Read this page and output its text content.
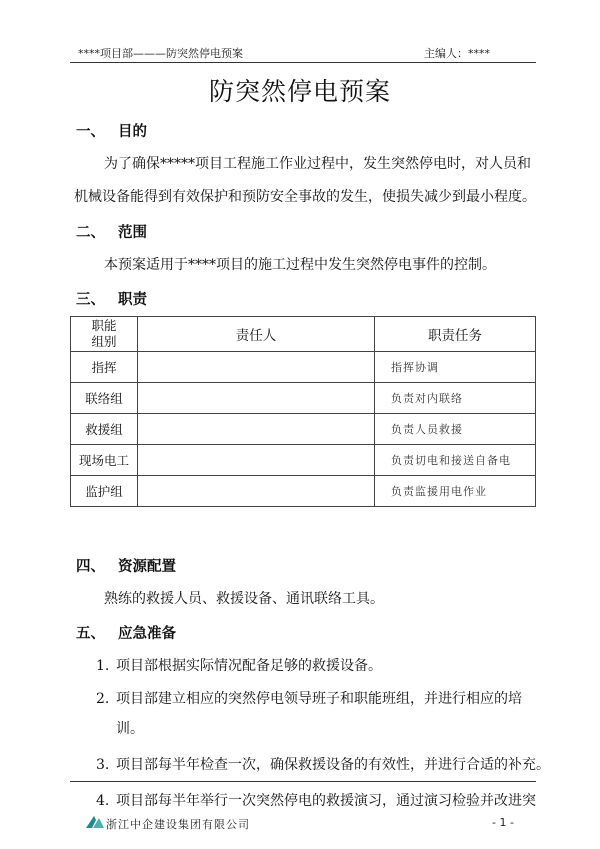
****项目部———防突然停电预案	主编人：****
防突然停电预案
一、 目的
为了确保*****项目工程施工作业过程中，发生突然停电时，对人员和
机械设备能得到有效保护和预防安全事故的发生，使损失减少到最小程度。
二、 范围
本预案适用于****项目的施工过程中发生突然停电事件的控制。
三、 职责
职能
组别	责任人	职责任务
指挥		指挥协调
联络组		负责对内联络
救援组		负责人员救援
现场电工		负责切电和接送自备电
监护组		负责监援用电作业
四、 资源配置
熟练的救援人员、救援设备、通讯联络工具。
五、 应急准备
1. 项目部根据实际情况配备足够的救援设备。
2. 项目部建立相应的突然停电领导班子和职能班组，并进行相应的培
训。
3. 项目部每半年检查一次，确保救援设备的有效性，并进行合适的补充。
4. 项目部每半年举行一次突然停电的救援演习，通过演习检验并改进突
浙江中企建设集团有限公司	- 1 -
